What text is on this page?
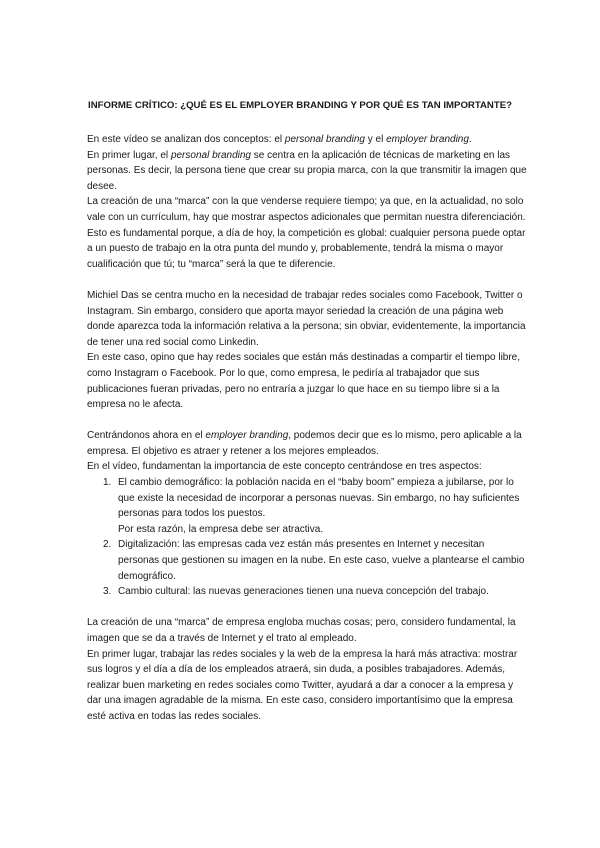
INFORME CRÍTICO: ¿QUÉ ES EL EMPLOYER BRANDING Y POR QUÉ ES TAN IMPORTANTE?

En este vídeo se analizan dos conceptos: el personal branding y el employer branding.

En primer lugar, el personal branding se centra en la aplicación de técnicas de marketing en las personas. Es decir, la persona tiene que crear su propia marca, con la que transmitir la imagen que desee.

La creación de una “marca” con la que venderse requiere tiempo; ya que, en la actualidad, no solo vale con un currículum, hay que mostrar aspectos adicionales que permitan nuestra diferenciación.

Esto es fundamental porque, a día de hoy, la competición es global: cualquier persona puede optar a un puesto de trabajo en la otra punta del mundo y, probablemente, tendrá la misma o mayor cualificación que tú; tu “marca” será la que te diferencie.

Michiel Das se centra mucho en la necesidad de trabajar redes sociales como Facebook, Twitter o Instagram. Sin embargo, considero que aporta mayor seriedad la creación de una página web donde aparezca toda la información relativa a la persona; sin obviar, evidentemente, la importancia de tener una red social como Linkedin.

En este caso, opino que hay redes sociales que están más destinadas a compartir el tiempo libre, como Instagram o Facebook. Por lo que, como empresa, le pediría al trabajador que sus publicaciones fueran privadas, pero no entraría a juzgar lo que hace en su tiempo libre si a la empresa no le afecta.

Centrándonos ahora en el employer branding, podemos decir que es lo mismo, pero aplicable a la empresa. El objetivo es atraer y retener a los mejores empleados.

En el vídeo, fundamentan la importancia de este concepto centrándose en tres aspectos:

1. El cambio demográfico: la población nacida en el “baby boom” empieza a jubilarse, por lo que existe la necesidad de incorporar a personas nuevas. Sin embargo, no hay suficientes personas para todos los puestos.
Por esta razón, la empresa debe ser atractiva.
2. Digitalización: las empresas cada vez están más presentes en Internet y necesitan personas que gestionen su imagen en la nube. En este caso, vuelve a plantearse el cambio demográfico.
3. Cambio cultural: las nuevas generaciones tienen una nueva concepción del trabajo.

La creación de una “marca” de empresa engloba muchas cosas; pero, considero fundamental, la imagen que se da a través de Internet y el trato al empleado.

En primer lugar, trabajar las redes sociales y la web de la empresa la hará más atractiva: mostrar sus logros y el día a día de los empleados atraerá, sin duda, a posibles trabajadores. Además, realizar buen marketing en redes sociales como Twitter, ayudará a dar a conocer a la empresa y dar una imagen agradable de la misma. En este caso, considero importantísimo que la empresa esté activa en todas las redes sociales.
